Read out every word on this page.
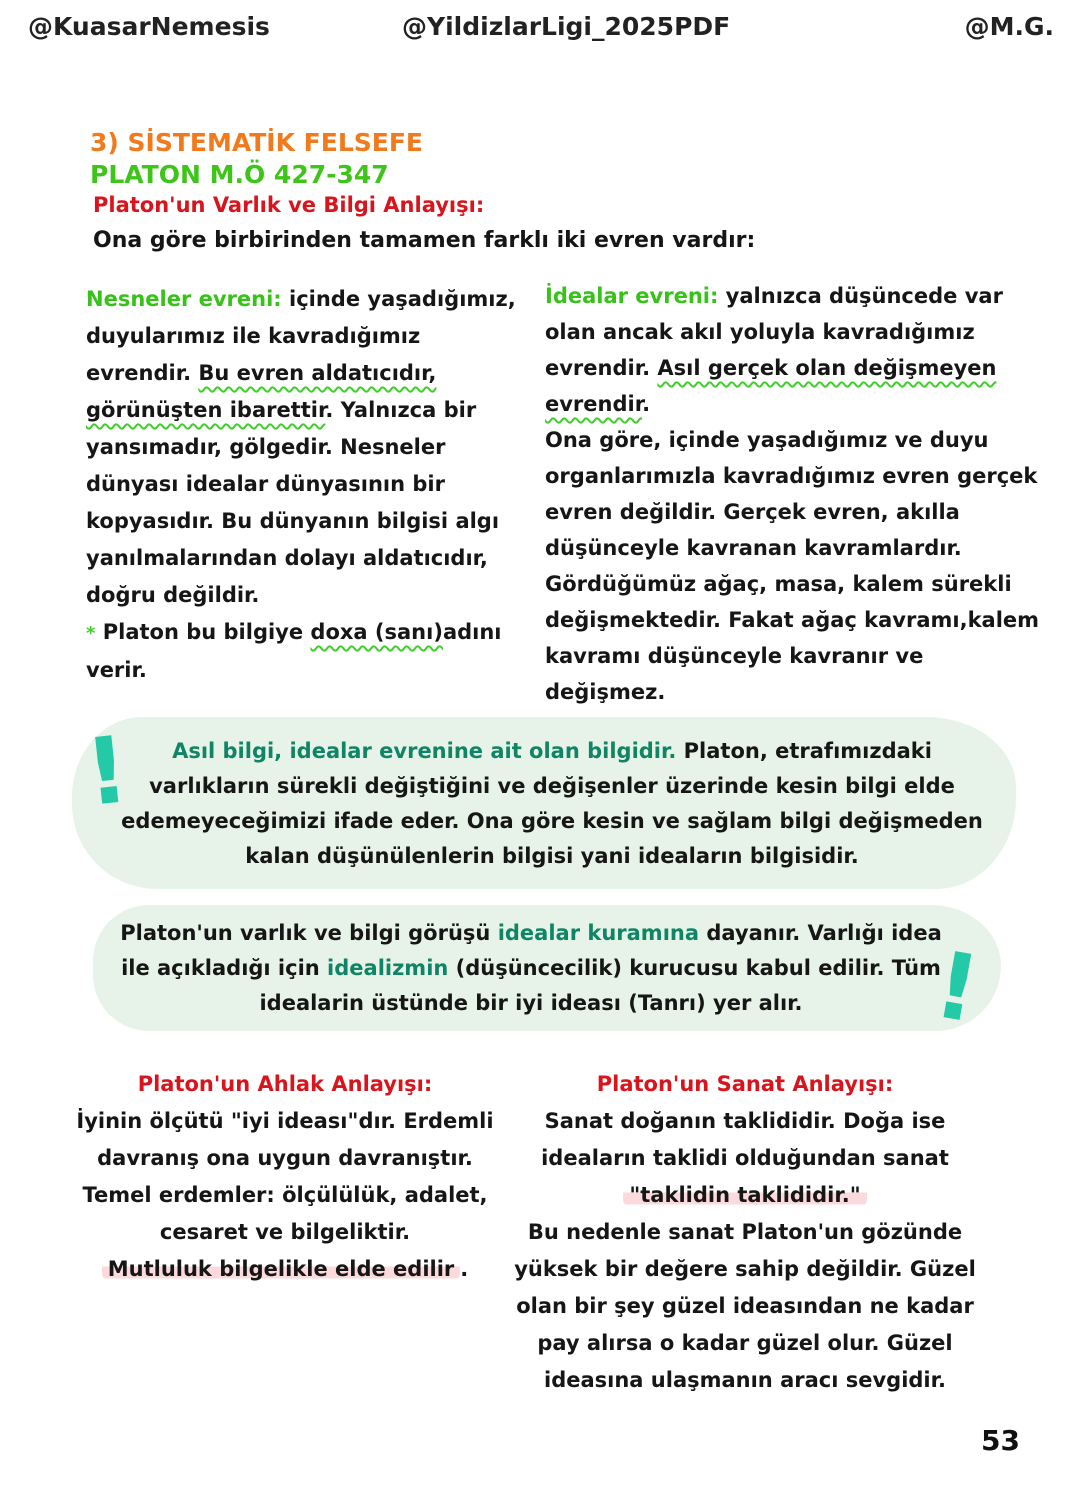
@KuasarNemesis	@YildizlarLigi_2025PDF	@M.G.
3) SİSTEMATİK FELSEFE
PLATON M.Ö 427-347
Platon'un Varlık ve Bilgi Anlayışı:
Ona göre birbirinden tamamen farklı iki evren vardır:
Nesneler evreni: içinde yaşadığımız, duyularımız ile kavradığımız evrendir. Bu evren aldatıcıdır, görünüşten ibarettir. Yalnızca bir yansımadır, gölgedir. Nesneler dünyası idealar dünyasının bir kopyasıdır. Bu dünyanın bilgisi algı yanılmalarından dolayı aldatıcıdır, doğru değildir.
* Platon bu bilgiye doxa (sanı)adını verir.
İdealar evreni: yalnızca düşüncede var olan ancak akıl yoluyla kavradığımız evrendir. Asıl gerçek olan değişmeyen evrendir.
Ona göre, içinde yaşadığımız ve duyu organlarımızla kavradığımız evren gerçek evren değildir. Gerçek evren, akılla düşünceyle kavranan kavramlardır. Gördüğümüz ağaç, masa, kalem sürekli değişmektedir. Fakat ağaç kavramı,kalem kavramı düşünceyle kavranır ve değişmez.
Asıl bilgi, idealar evrenine ait olan bilgidir. Platon, etrafımızdaki varlıkların sürekli değiştiğini ve değişenler üzerinde kesin bilgi elde edemeyeceğimizi ifade eder. Ona göre kesin ve sağlam bilgi değişmeden kalan düşünülenlerin bilgisi yani ideaların bilgisidir.
!
Platon'un varlık ve bilgi görüşü idealar kuramına dayanır. Varlığı idea ile açıkladığı için idealizmin (düşüncecilik) kurucusu kabul edilir. Tüm idealarin üstünde bir iyi ideası (Tanrı) yer alır.	!
Platon'un Ahlak Anlayışı:
İyinin ölçütü "iyi ideası"dır. Erdemli davranış ona uygun davranıştır. Temel erdemler: ölçülülük, adalet, cesaret ve bilgeliktir.
Mutluluk bilgelikle elde edilir .
Platon'un Sanat Anlayışı:
Sanat doğanın taklididir. Doğa ise ideaların taklidi olduğundan sanat
"taklidin taklididir."
Bu nedenle sanat Platon'un gözünde yüksek bir değere sahip değildir. Güzel olan bir şey güzel ideasından ne kadar pay alırsa o kadar güzel olur. Güzel ideasına ulaşmanın aracı sevgidir.
53
